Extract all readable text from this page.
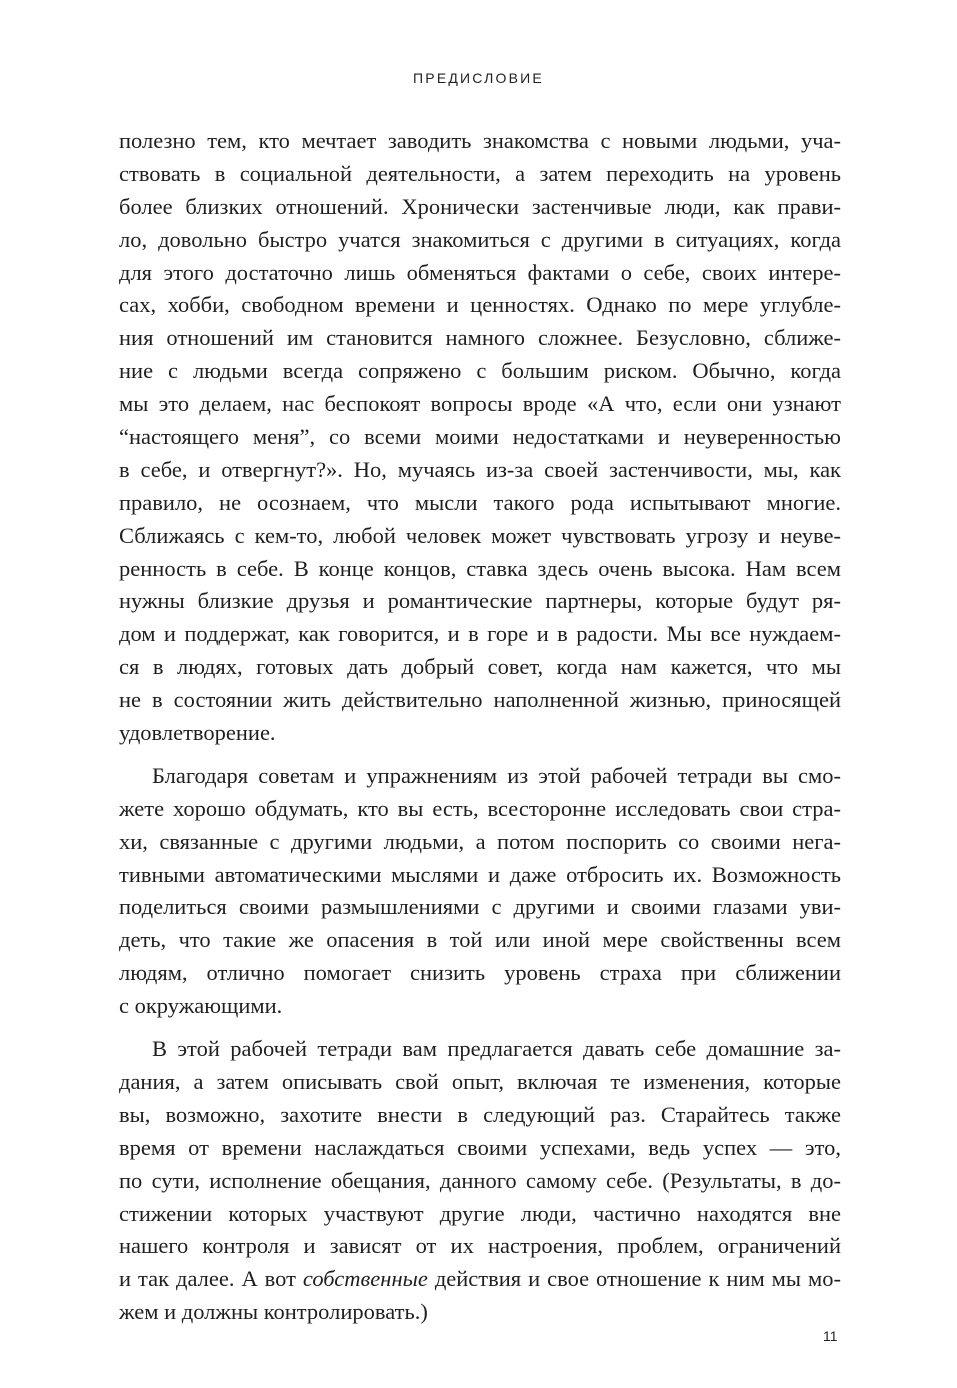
ПРЕДИСЛОВИЕ
полезно тем, кто мечтает заводить знакомства с новыми людьми, уча-
ствовать в социальной деятельности, а затем переходить на уровень
более близких отношений. Хронически застенчивые люди, как прави-
ло, довольно быстро учатся знакомиться с другими в ситуациях, когда
для этого достаточно лишь обменяться фактами о себе, своих интере-
сах, хобби, свободном времени и ценностях. Однако по мере углубле-
ния отношений им становится намного сложнее. Безусловно, сближе-
ние с людьми всегда сопряжено с большим риском. Обычно, когда
мы это делаем, нас беспокоят вопросы вроде «А что, если они узнают
“настоящего меня”, со всеми моими недостатками и неуверенностью
в себе, и отвергнут?». Но, мучаясь из-за своей застенчивости, мы, как
правило, не осознаем, что мысли такого рода испытывают многие.
Сближаясь с кем-то, любой человек может чувствовать угрозу и неуве-
ренность в себе. В конце концов, ставка здесь очень высока. Нам всем
нужны близкие друзья и романтические партнеры, которые будут ря-
дом и поддержат, как говорится, и в горе и в радости. Мы все нуждаем-
ся в людях, готовых дать добрый совет, когда нам кажется, что мы
не в состоянии жить действительно наполненной жизнью, приносящей
удовлетворение.
Благодаря советам и упражнениям из этой рабочей тетради вы смо-
жете хорошо обдумать, кто вы есть, всесторонне исследовать свои стра-
хи, связанные с другими людьми, а потом поспорить со своими нега-
тивными автоматическими мыслями и даже отбросить их. Возможность
поделиться своими размышлениями с другими и своими глазами уви-
деть, что такие же опасения в той или иной мере свойственны всем
людям, отлично помогает снизить уровень страха при сближении
с окружающими.
В этой рабочей тетради вам предлагается давать себе домашние за-
дания, а затем описывать свой опыт, включая те изменения, которые
вы, возможно, захотите внести в следующий раз. Старайтесь также
время от времени наслаждаться своими успехами, ведь успех — это,
по сути, исполнение обещания, данного самому себе. (Результаты, в до-
стижении которых участвуют другие люди, частично находятся вне
нашего контроля и зависят от их настроения, проблем, ограничений
и так далее. А вот собственные действия и свое отношение к ним мы мо-
жем и должны контролировать.)
11
